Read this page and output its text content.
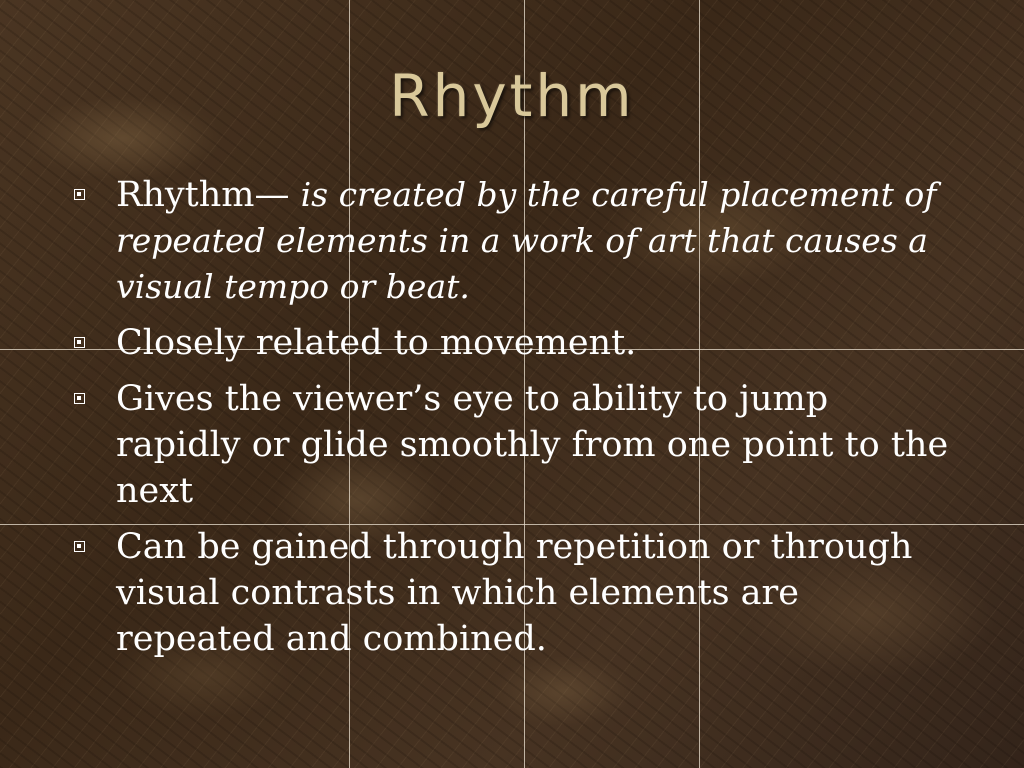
Rhythm
Rhythm— is created by the careful placement of repeated elements in a work of art that causes a visual tempo or beat.
Closely related to movement.
Gives the viewer’s eye to ability to jump rapidly or glide smoothly from one point to the next
Can be gained through repetition or through visual contrasts in which elements are repeated and combined.
